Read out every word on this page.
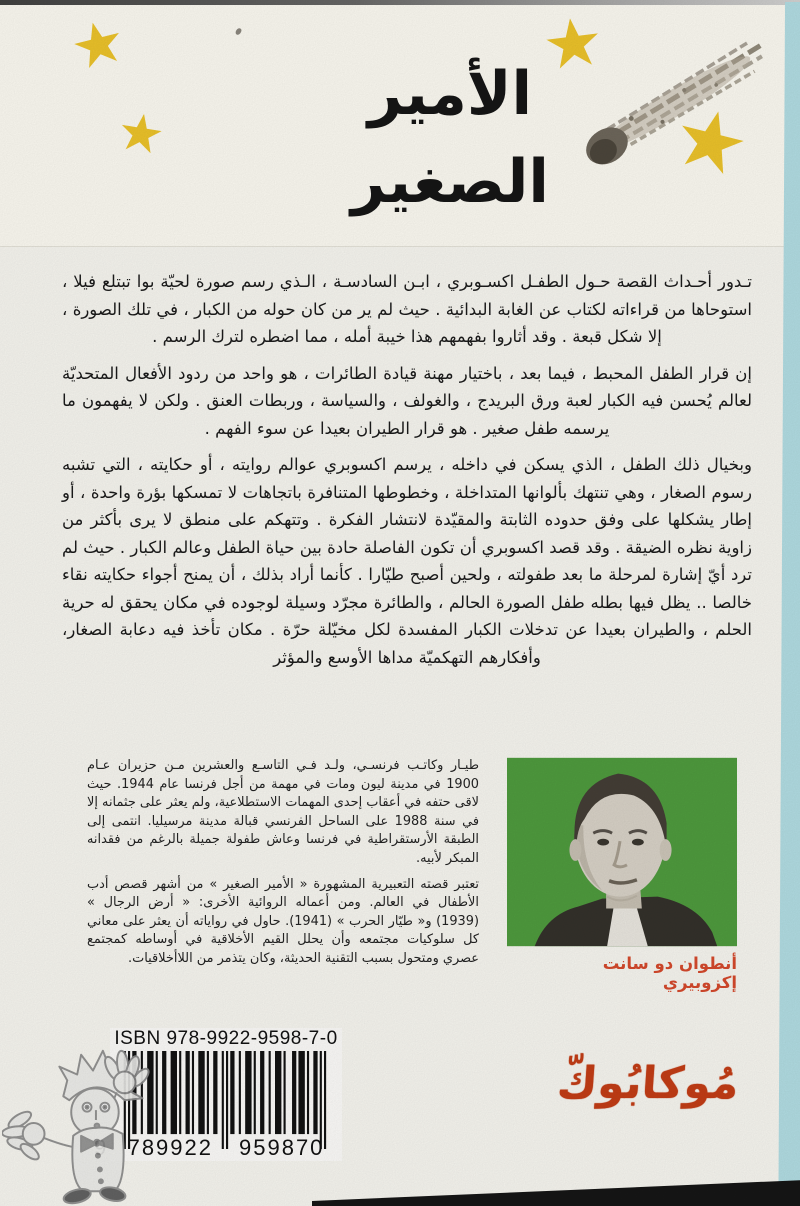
الأمير
الصغير

تـدور أحـداث القصة حـول الطفـل اكسـوبري ، ابـن السادسـة ، الـذي رسم صورة لحيّة بوا تبتلع فيلا ، استوحاها من قراءاته لكتاب عن الغابة البدائية . حيث لم ير من كان حوله من الكبار ، في تلك الصورة ، إلا شكل قبعة . وقد أثاروا بفهمهم هذا خيبة أمله ، مما اضطره لترك الرسم .

إن قرار الطفل المحبط ، فيما بعد ، باختيار مهنة قيادة الطائرات ، هو واحد من ردود الأفعال المتحديّة لعالم يُحسن فيه الكبار لعبة ورق البريدج ، والغولف ، والسياسة ، وربطات العنق . ولكن لا يفهمون ما يرسمه طفل صغير . هو قرار الطيران بعيدا عن سوء الفهم .

وبخيال ذلك الطفل ، الذي يسكن في داخله ، يرسم اكسوبري عوالم روايته ، أو حكايته ، التي تشبه رسوم الصغار ، وهي تنتهك بألوانها المتداخلة ، وخطوطها المتنافرة باتجاهات لا تمسكها بؤرة واحدة ، أو إطار يشكلها على وفق حدوده الثابتة والمقيّدة لانتشار الفكرة . وتتهكم على منطق لا يرى بأكثر من زاوية نظره الضيقة . وقد قصد اكسوبري أن تكون الفاصلة حادة بين حياة الطفل وعالم الكبار . حيث لم ترد أيّ إشارة لمرحلة ما بعد طفولته ، ولحين أصبح طيّارا . كأنما أراد بذلك ، أن يمنح أجواء حكايته نقاء خالصا .. يظل فيها بطله طفل الصورة الحالم ، والطائرة مجرّد وسيلة لوجوده في مكان يحقق له حرية الحلم ، والطيران بعيدا عن تدخلات الكبار المفسدة لكل مخيّلة حرّة . مكان تأخذ فيه دعابة الصغار، وأفكارهم التهكميّة مداها الأوسع والمؤثر

أنطوان دو سانت إكزوبيري

طيـار وكاتـب فرنسـي، ولـد فـي التاسـع والعشرين مـن حزيران عـام 1900 في مدينة ليون ومات في مهمة من أجل فرنسا عام 1944. حيث لاقى حتفه في أعقاب إحدى المهمات الاستطلاعية، ولم يعثر على جثمانه إلا في سنة 1988 على الساحل الفرنسي قبالة مدينة مرسيليا. انتمى إلى الطبقة الأرستقراطية في فرنسا وعاش طفولة جميلة بالرغم من فقدانه المبكر لأبيه.

تعتبر قصته التعبيرية المشهورة « الأمير الصغير » من أشهر قصص أدب الأطفال في العالم. ومن أعماله الروائية الأخرى: « أرض الرجال » (1939) و« طيّار الحرب » (1941). حاول في رواياته أن يعثر على معاني كل سلوكيات مجتمعه وأن يحلل القيم الأخلاقية في أوساطه كمجتمع عصري ومتحول بسبب التقنية الحديثة، وكان يتذمر من اللاأخلاقيات.

ISBN 978-9922-9598-7-0
789922 959870
مُوكابُوكّ
